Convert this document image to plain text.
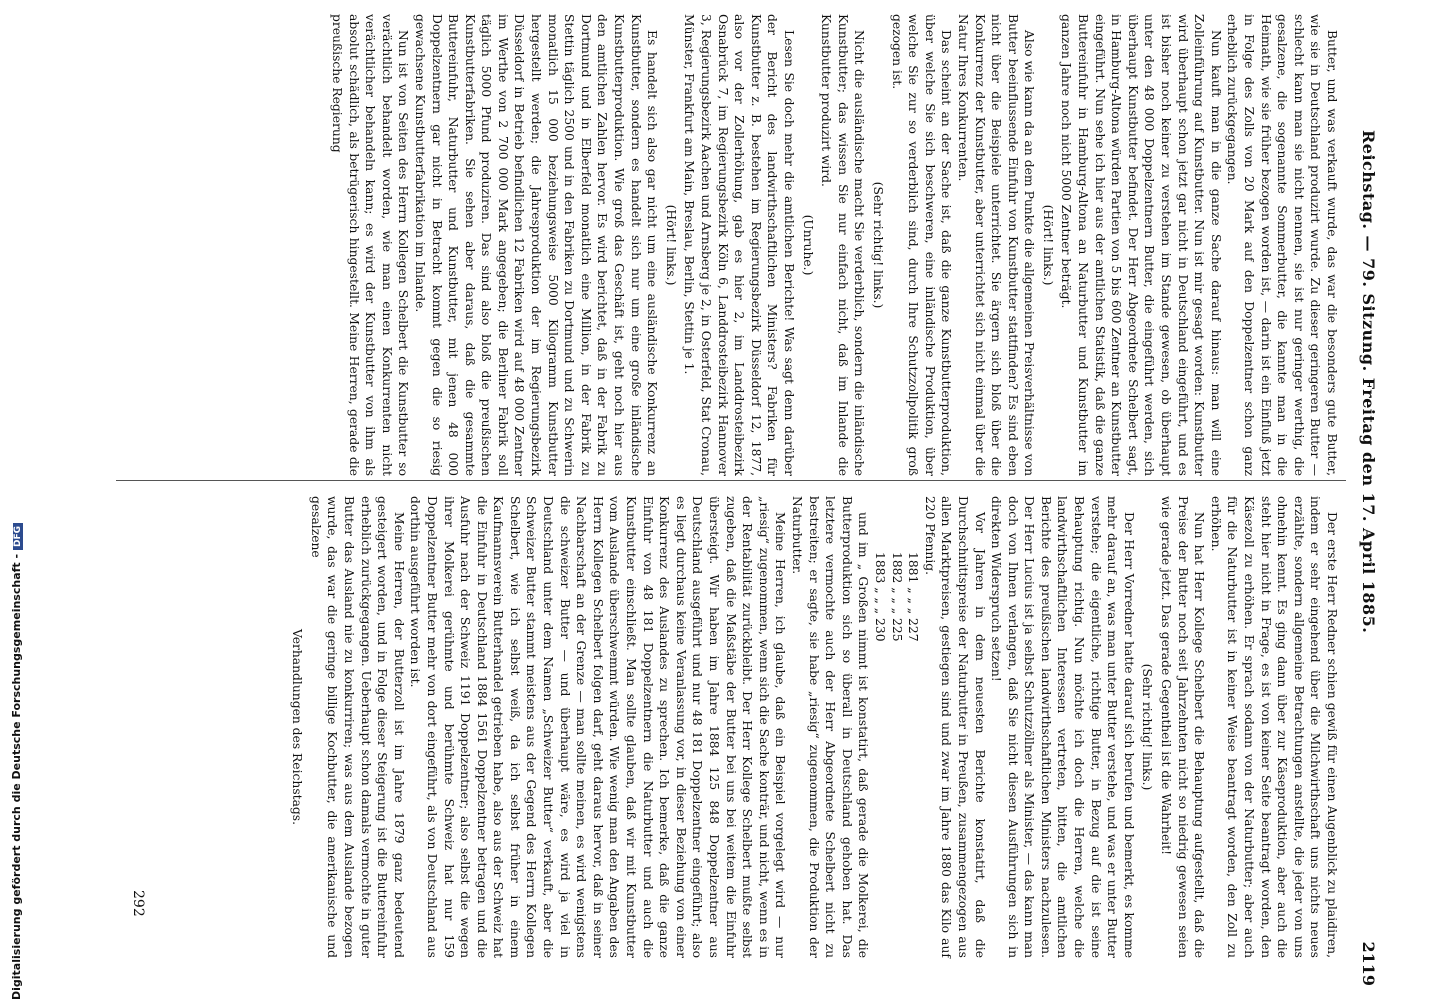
Reichstag. — 79. Sitzung. Freitag den 17. April 1885.
2119

Butter, und was verkauft wurde, das war die besonders gute Butter, wie sie in Deutschland produzirt wurde. Zu dieser geringeren Butter — schlecht kann man sie nicht nennen, sie ist nur geringer werthig, die gesalzene, die sogenannte Sommerbutter, die kannte man in die Heimath, wie sie früher bezogen worden ist, — darin ist ein Einfluß jetzt in Folge des Zolls von 20 Mark auf den Doppelzentner schon ganz erheblich zurückgegangen.

Nun kauft man in die ganze Sache darauf hinaus: man will eine Zolleinführung auf Kunstbutter. Nun ist mir gesagt worden: Kunstbutter wird überhaupt schon jetzt gar nicht in Deutschland eingeführt, und es ist bisher noch keiner zu verstehen im Stande gewesen, ob überhaupt unter den 48 000 Doppelzentnern Butter, die eingeführt werden, sich überhaupt Kunstbutter befindet. Der Herr Abgeordnete Schelbert sagt, in Hamburg-Altona würden Partien von 5 bis 600 Zentner an Kunstbutter eingeführt. Nun sehe ich hier aus der amtlichen Statistik, daß die ganze Buttereinfuhr in Hamburg-Altona an Naturbutter und Kunstbutter im ganzen Jahre noch nicht 5000 Zentner beträgt.

(Hört! links.)

Also wie kann da an dem Punkte die allgemeinen Preisverhältnisse von Butter beeinflussende Einfuhr von Kunstbutter stattfinden? Es sind eben nicht über die Beispiele unterrichtet. Sie ärgern sich bloß über die Konkurrenz der Kunstbutter, aber unterrichtet sich nicht einmal über die Natur Ihres Konkurrenten.

Das scheint an der Sache ist, daß die ganze Kunstbutterproduktion, über welche Sie sich beschweren, eine inländische Produktion, über welche Sie zur so verderblich sind, durch Ihre Schutzzollpolitik groß gezogen ist.

(Sehr richtig! links.)

Nicht die ausländische macht Sie verderblich, sondern die inländische Kunstbutter; das wissen Sie nur einfach nicht, daß im Inlande die Kunstbutter produzirt wird.

(Unruhe.)

Lesen Sie doch mehr die amtlichen Berichte! Was sagt denn darüber der Bericht des landwirthschaftlichen Ministers? Fabriken für Kunstbutter z. B. bestehen im Regierungsbezirk Düsseldorf 12, 1877, also vor der Zollerhöhung, gab es hier 2, im Landdrosteibezirk Osnabrück 7, im Regierungsbezirk Köln 6, Landdrosteibezirk Hannover 3, Regierungsbezirk Aachen und Arnsberg je 2, in Osterfeld, Stat Cronau, Münster, Frankfurt am Main, Breslau, Berlin, Stettin je 1.

(Hört! links.)

Es handelt sich also gar nicht um eine ausländische Konkurrenz an Kunstbutter, sondern es handelt sich nur um eine große inländische Kunstbutterproduktion. Wie groß das Geschäft ist, geht noch hier aus den amtlichen Zahlen hervor. Es wird berichtet, daß in der Fabrik zu Dortmund und in Elberfeld monatlich eine Million, in der Fabrik zu Stettin täglich 2500 und in den Fabriken zu Dortmund und zu Schwerin monatlich 15 000 beziehungsweise 5000 Kilogramm Kunstbutter hergestellt werden; die Jahresproduktion der im Regierungsbezirk Düsseldorf in Betrieb befindlichen 12 Fabriken wird auf 48 000 Zentner im Werthe von 2 700 000 Mark angegeben; die Berliner Fabrik soll täglich 5000 Pfund produziren. Das sind also bloß die preußischen Kunstbutterfabriken. Sie sehen aber daraus, daß die gesammte Buttereinfuhr, Naturbutter und Kunstbutter, mit jenen 48 000 Doppelzentnern gar nicht in Betracht kommt gegen die so riesig gewachsene Kunstbutterfabrikation im Inlande.

Nun ist von Seiten des Herrn Kollegen Schelbert die Kunstbutter so verächtlich behandelt worden, wie man einen Konkurrenten nicht verächtlicher behandeln kann; es wird der Kunstbutter von ihm als absolut schädlich, als betrügerisch hingestellt. Meine Herren, gerade die preußische Regierung

Der erste Herr Redner schien gewiß für einen Augenblick zu plaidiren, indem er sehr eingehend über die Milchwirthschaft uns nichts neues erzählte, sondern allgemeine Betrachtungen anstellte, die jeder von uns ohnehin kennt. Es ging dann über zur Käseproduktion, aber auch die steht hier nicht in Frage, es ist von keiner Seite beantragt worden, den Käsezoll zu erhöhen. Er sprach sodann von der Naturbutter; aber auch für die Naturbutter ist in keiner Weise beantragt worden, den Zoll zu erhöhen.

Nun hat Herr Kollege Schelbert die Behauptung aufgestellt, daß die Preise der Butter noch seit Jahrzehnten nicht so niedrig gewesen seien wie gerade jetzt. Das gerade Gegentheil ist die Wahrheit!

(Sehr richtig! links.)

Der Herr Vorredner hatte darauf sich berufen und bemerkt, es komme mehr darauf an, was man unter Butter verstehe, und was er unter Butter verstehe; die eigentliche, richtige Butter, in Bezug auf die ist seine Behauptung richtig. Nun möchte ich doch die Herren, welche die landwirthschaftlichen Interessen vertreten, bitten, die amtlichen Berichte des preußischen landwirthschaftlichen Ministers nachzulesen. Der Herr Lucius ist ja selbst Schutzzöllner als Minister, — das kann man doch von Ihnen verlangen, daß Sie nicht diesen Ausführungen sich in direkten Widerspruch setzen!

Vor Jahren in dem neuesten Berichte konstatirt, daß die Durchschnittspreise der Naturbutter in Preußen, zusammengezogen aus allen Marktpreisen, gestiegen sind und zwar im Jahre 1880 das Kilo auf 220 Pfennig.

1881 „ „ „ 227

1882 „ „ „ 225

1883 „ „ „ 230

und im „ Großen nimmt ist konstatirt, daß gerade die Molkerei, die Butterproduktion sich so überall in Deutschland gehoben hat. Das letztere vermochte auch der Herr Abgeordnete Schelbert nicht zu bestreiten; er sagte, sie habe „riesig“ zugenommen, die Produktion der Naturbutter.

Meine Herren, ich glaube, daß ein Beispiel vorgelegt wird — nur „riesig“ zugenommen, wenn sich die Sache konträr, und nicht, wenn es in der Rentabilität zurückbleibt. Der Herr Kollege Schelbert mußte selbst zugeben, daß die Maßstäbe der Butter bei uns bei weitem die Einfuhr übersteigt. Wir haben im Jahre 1884 125 848 Doppelzentner aus Deutschland ausgeführt und nur 48 181 Doppelzentner eingeführt; also es liegt durchaus keine Veranlassung vor, in dieser Beziehung von einer Konkurrenz des Auslandes zu sprechen. Ich bemerke, daß die ganze Einfuhr von 48 181 Doppelzentnern die Naturbutter und auch die Kunstbutter einschließt. Man sollte glauben, daß wir mit Kunstbutter vom Auslande überschwemmt würden. Wie wenig man den Angaben des Herrn Kollegen Schelbert folgen darf, geht daraus hervor, daß in seiner Nachbarschaft an der Grenze — man sollte meinen, es wird wenigstens die schweizer Butter — und überhaupt wäre, es wird ja viel in Deutschland unter dem Namen „Schweizer Butter“ verkauft, aber die Schweizer Butter stammt meistens aus der Gegend des Herrn Kollegen Schelbert, wie ich selbst weiß, da ich selbst früher in einem Kaufmannsverein Butterhandel getrieben habe, also aus der Schweiz hat die Einfuhr in Deutschland 1884 1561 Doppelzentner betragen und die Ausfuhr nach der Schweiz 1191 Doppelzentner; also selbst die wegen ihrer Molkerei gerühmte und berühmte Schweiz hat nur 159 Doppelzentner Butter mehr von dort eingeführt, als von Deutschland aus dorthin ausgeführt worden ist.

Meine Herren, der Butterzoll ist im Jahre 1879 ganz bedeutend gesteigert worden, und in Folge dieser Steigerung ist die Buttereinfuhr erheblich zurückgegangen. Ueberhaupt schon damals vermochte in guter Butter das Ausland nie zu konkurriren; was aus dem Auslande bezogen wurde, das war die geringe billige Kochbutter, die amerikanische und gesalzene

Verhandlungen des Reichstags.

292
Digitalisierung gefördert durch die Deutsche Forschungsgemeinschaft -DFG
